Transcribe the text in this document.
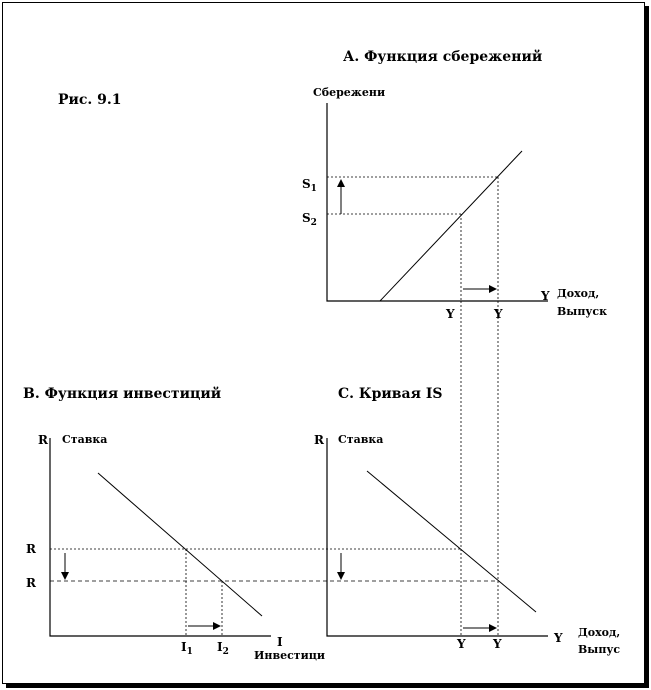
Рис. 9.1
А. Функция сбережений
Сбережени
$S_1$
$S_2$
Y	Y
Y Доход,
Выпуск
В. Функция инвестиций
R Ставка
R
R
$I_1$ $I_2$
I
Инвестици
С. Кривая IS
R Ставка
Y Y	Y Доход,
Выпус
